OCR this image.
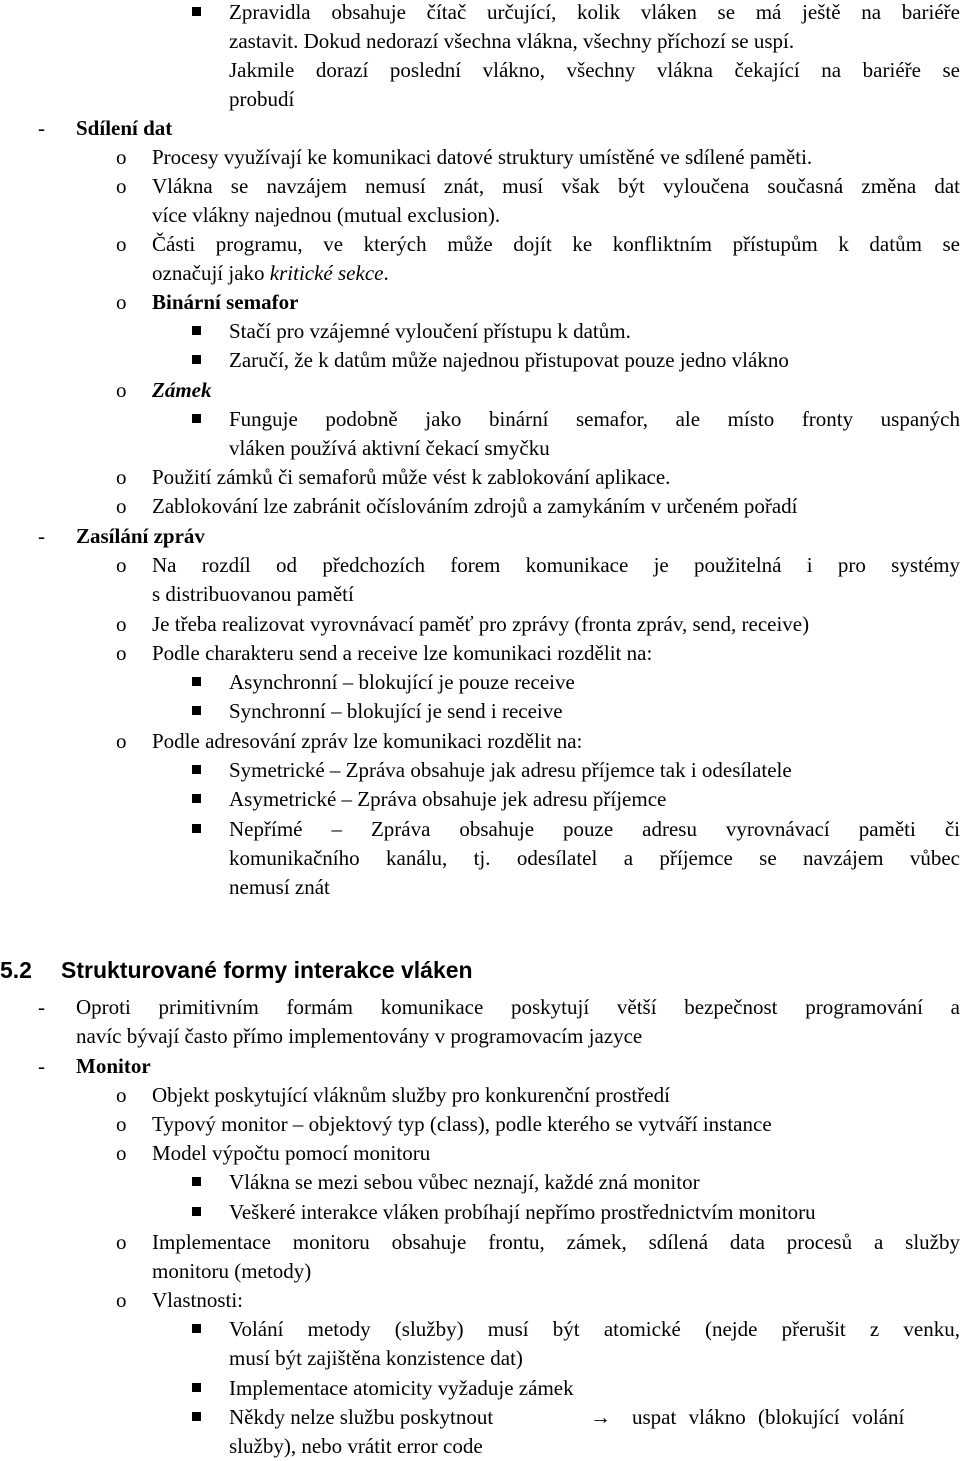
Zpravidla obsahuje čítač určující, kolik vláken se má ještě na bariéře
zastavit. Dokud nedorazí všechna vlákna, všechny příchozí se uspí.
Jakmile dorazí poslední vlákno, všechny vlákna čekající na bariéře se
probudí
- Sdílení dat
o Procesy využívají ke komunikaci datové struktury umístěné ve sdílené paměti.
o Vlákna se navzájem nemusí znát, musí však být vyloučena současná změna dat
více vlákny najednou (mutual exclusion).
o Části programu, ve kterých může dojít ke konfliktním přístupům k datům se
označují jako kritické sekce.
o Binární semafor
Stačí pro vzájemné vyloučení přístupu k datům.
Zaručí, že k datům může najednou přistupovat pouze jedno vlákno
o Zámek
Funguje podobně jako binární semafor, ale místo fronty uspaných
vláken používá aktivní čekací smyčku
o Použití zámků či semaforů může vést k zablokování aplikace.
o Zablokování lze zabránit očíslováním zdrojů a zamykáním v určeném pořadí
- Zasílání zpráv
o Na rozdíl od předchozích forem komunikace je použitelná i pro systémy
s distribuovanou pamětí
o Je třeba realizovat vyrovnávací paměť pro zprávy (fronta zpráv, send, receive)
o Podle charakteru send a receive lze komunikaci rozdělit na:
Asynchronní – blokující je pouze receive
Synchronní – blokující je send i receive
o Podle adresování zpráv lze komunikaci rozdělit na:
Symetrické – Zpráva obsahuje jak adresu příjemce tak i odesílatele
Asymetrické – Zpráva obsahuje jek adresu příjemce
Nepřímé – Zpráva obsahuje pouze adresu vyrovnávací paměti či
komunikačního kanálu, tj. odesílatel a příjemce se navzájem vůbec
nemusí znát
5.2 Strukturované formy interakce vláken
- Oproti primitivním formám komunikace poskytují větší bezpečnost programování a
navíc bývají často přímo implementovány v programovacím jazyce
- Monitor
o Objekt poskytující vláknům služby pro konkurenční prostředí
o Typový monitor – objektový typ (class), podle kterého se vytváří instance
o Model výpočtu pomocí monitoru
Vlákna se mezi sebou vůbec neznají, každé zná monitor
Veškeré interakce vláken probíhají nepřímo prostřednictvím monitoru
o Implementace monitoru obsahuje frontu, zámek, sdílená data procesů a služby
monitoru (metody)
o Vlastnosti:
Volání metody (služby) musí být atomické (nejde přerušit z venku,
musí být zajištěna konzistence dat)
Implementace atomicity vyžaduje zámek
Někdy nelze službu poskytnout	→ uspat vlákno (blokující volání
služby), nebo vrátit error code
